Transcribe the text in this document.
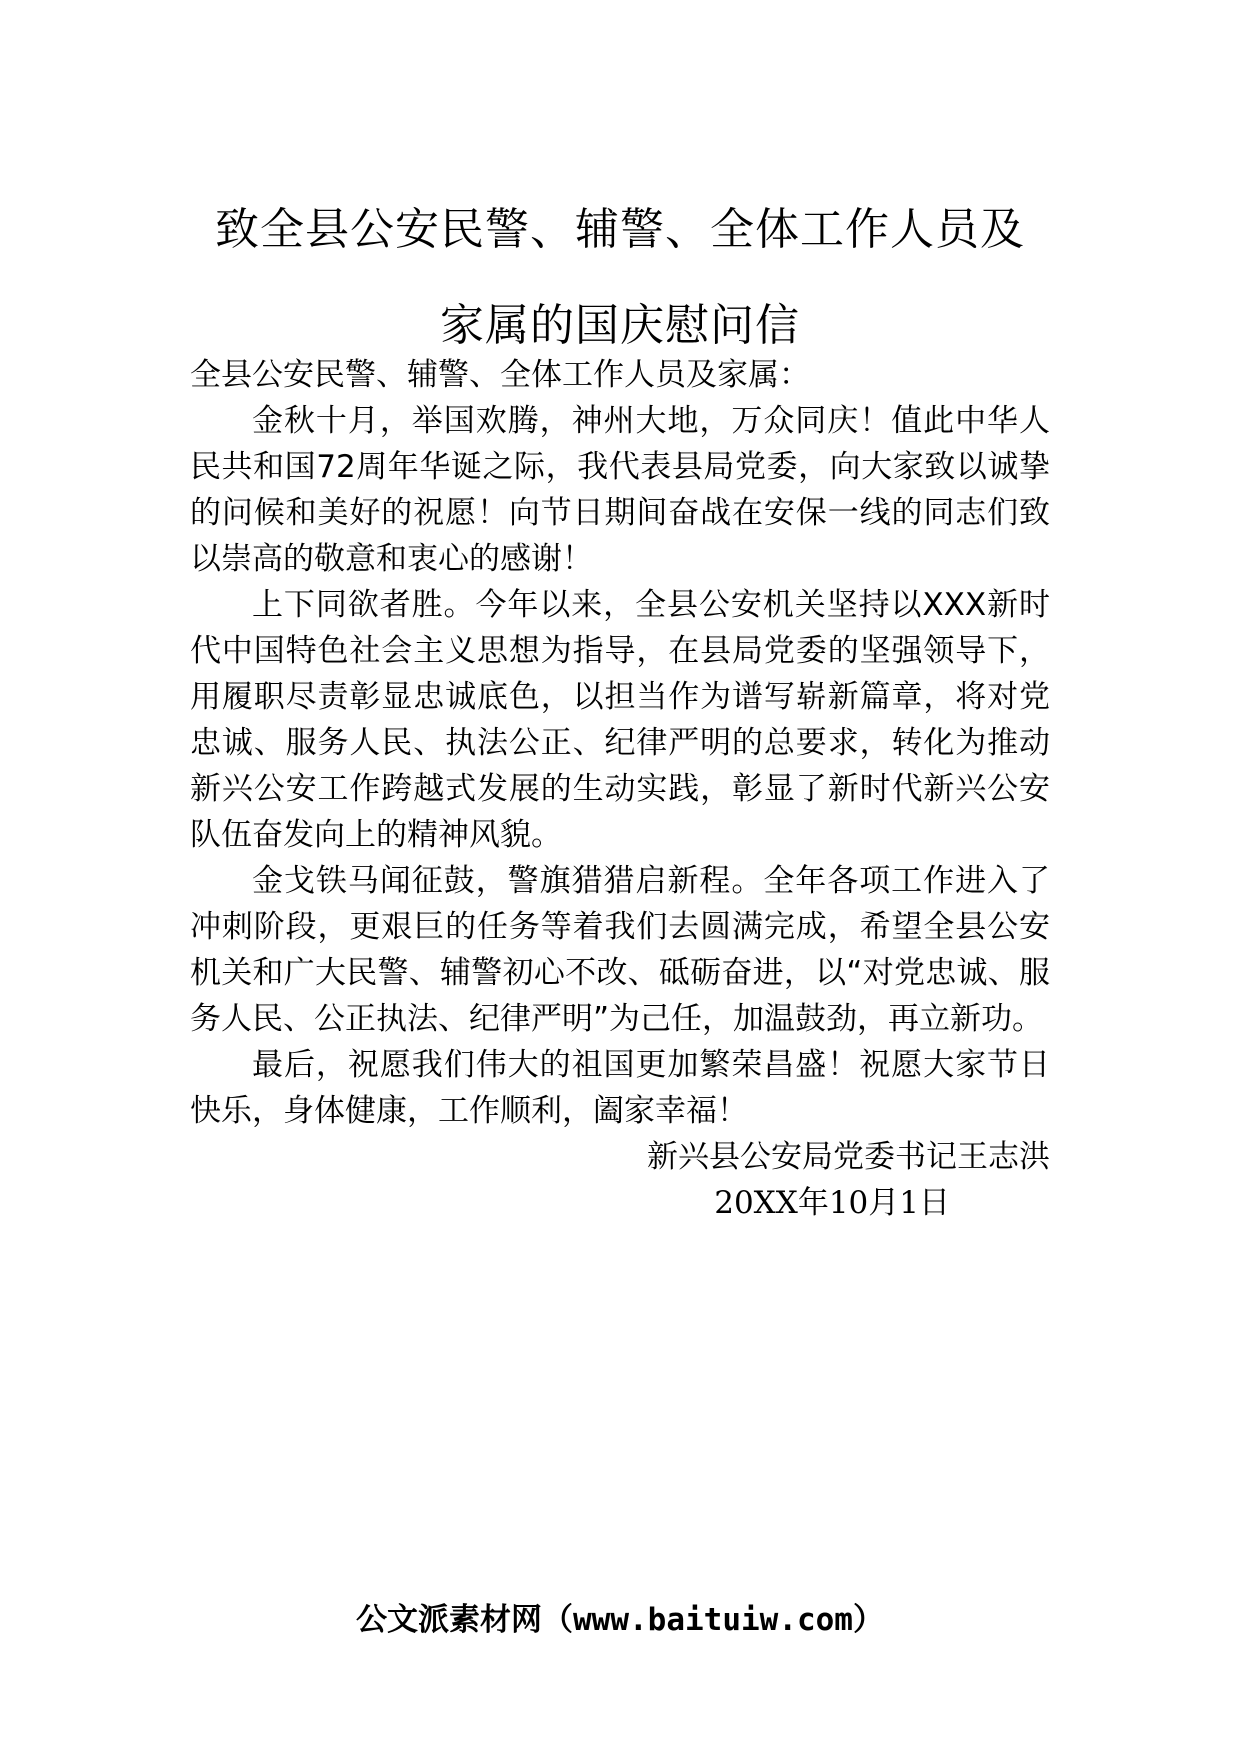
致全县公安民警、辅警、全体工作人员及
家属的国庆慰问信

全县公安民警、辅警、全体工作人员及家属：

金秋十月，举国欢腾，神州大地，万众同庆！值此中华人民共和国72周年华诞之际，我代表县局党委，向大家致以诚挚的问候和美好的祝愿！向节日期间奋战在安保一线的同志们致以崇高的敬意和衷心的感谢！

上下同欲者胜。今年以来，全县公安机关坚持以XXX新时代中国特色社会主义思想为指导，在县局党委的坚强领导下，用履职尽责彰显忠诚底色，以担当作为谱写崭新篇章，将对党忠诚、服务人民、执法公正、纪律严明的总要求，转化为推动新兴公安工作跨越式发展的生动实践，彰显了新时代新兴公安队伍奋发向上的精神风貌。

金戈铁马闻征鼓，警旗猎猎启新程。全年各项工作进入了冲刺阶段，更艰巨的任务等着我们去圆满完成，希望全县公安机关和广大民警、辅警初心不改、砥砺奋进，以“对党忠诚、服务人民、公正执法、纪律严明”为己任，加温鼓劲，再立新功。

最后，祝愿我们伟大的祖国更加繁荣昌盛！祝愿大家节日快乐，身体健康，工作顺利，阖家幸福！

新兴县公安局党委书记王志洪

20XX年10月1日

公文派素材网（www.baituiw.com）
